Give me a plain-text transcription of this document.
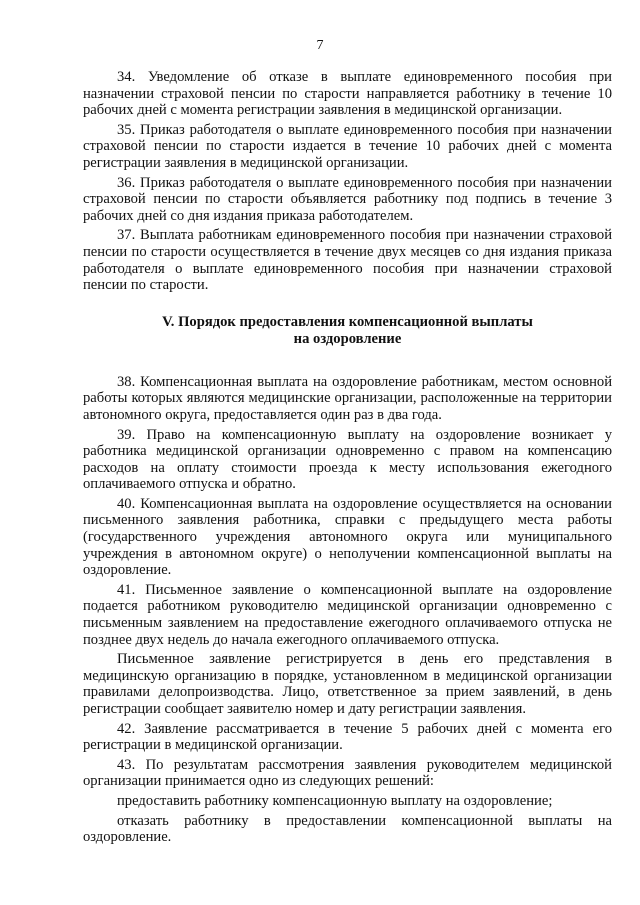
7

34. Уведомление об отказе в выплате единовременного пособия при назначении страховой пенсии по старости направляется работнику в течение 10 рабочих дней с момента регистрации заявления в медицинской организации.

35. Приказ работодателя о выплате единовременного пособия при назначении страховой пенсии по старости издается в течение 10 рабочих дней с момента регистрации заявления в медицинской организации.

36. Приказ работодателя о выплате единовременного пособия при назначении страховой пенсии по старости объявляется работнику под подпись в течение 3 рабочих дней со дня издания приказа работодателем.

37. Выплата работникам единовременного пособия при назначении страховой пенсии по старости осуществляется в течение двух месяцев со дня издания приказа работодателя о выплате единовременного пособия при назначении страховой пенсии по старости.

V. Порядок предоставления компенсационной выплаты
на оздоровление

38. Компенсационная выплата на оздоровление работникам, местом основной работы которых являются медицинские организации, расположенные на территории автономного округа, предоставляется один раз в два года.

39. Право на компенсационную выплату на оздоровление возникает у работника медицинской организации одновременно с правом на компенсацию расходов на оплату стоимости проезда к месту использования ежегодного оплачиваемого отпуска и обратно.

40. Компенсационная выплата на оздоровление осуществляется на основании письменного заявления работника, справки с предыдущего места работы (государственного учреждения автономного округа или муниципального учреждения в автономном округе) о неполучении компенсационной выплаты на оздоровление.

41. Письменное заявление о компенсационной выплате на оздоровление подается работником руководителю медицинской организации одновременно с письменным заявлением на предоставление ежегодного оплачиваемого отпуска не позднее двух недель до начала ежегодного оплачиваемого отпуска.

Письменное заявление регистрируется в день его представления в медицинскую организацию в порядке, установленном в медицинской организации правилами делопроизводства. Лицо, ответственное за прием заявлений, в день регистрации сообщает заявителю номер и дату регистрации заявления.

42. Заявление рассматривается в течение 5 рабочих дней с момента его регистрации в медицинской организации.

43. По результатам рассмотрения заявления руководителем медицинской организации принимается одно из следующих решений:

предоставить работнику компенсационную выплату на оздоровление;

отказать работнику в предоставлении компенсационной выплаты на оздоровление.
